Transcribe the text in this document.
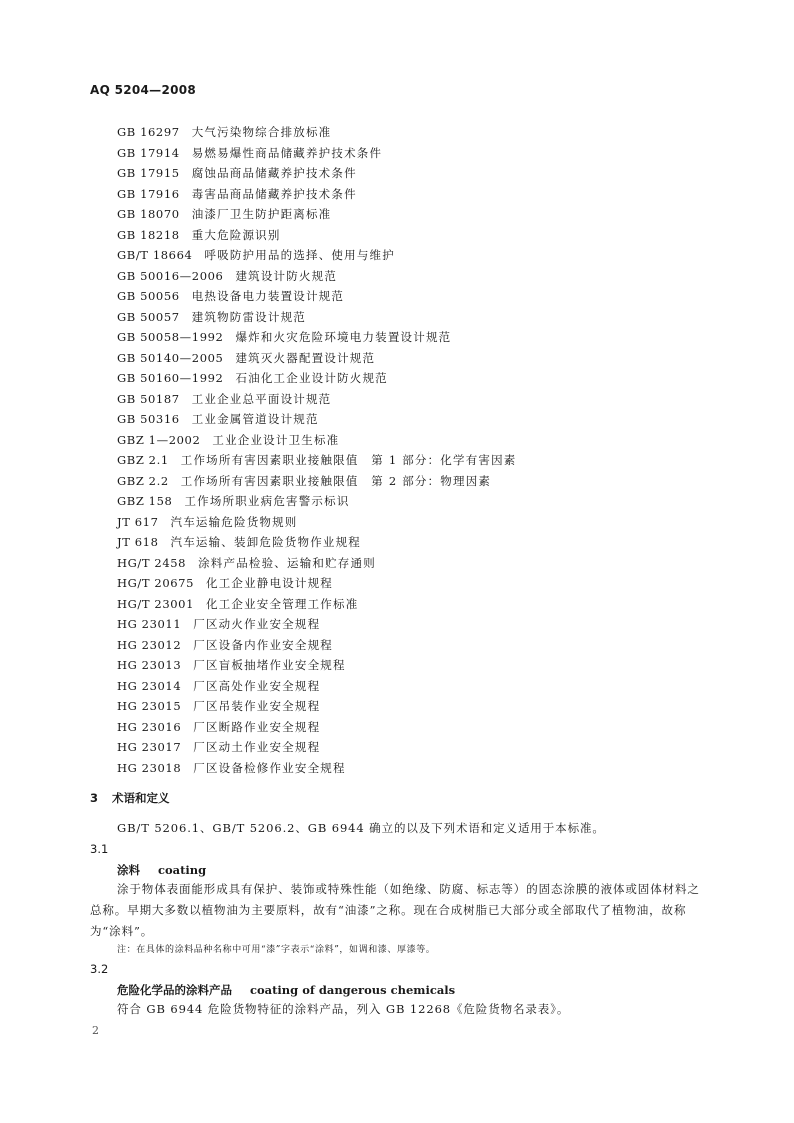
AQ 5204—2008
GB 16297 大气污染物综合排放标准
GB 17914 易燃易爆性商品储藏养护技术条件
GB 17915 腐蚀品商品储藏养护技术条件
GB 17916 毒害品商品储藏养护技术条件
GB 18070 油漆厂卫生防护距离标准
GB 18218 重大危险源识别
GB/T 18664 呼吸防护用品的选择、使用与维护
GB 50016—2006 建筑设计防火规范
GB 50056 电热设备电力装置设计规范
GB 50057 建筑物防雷设计规范
GB 50058—1992 爆炸和火灾危险环境电力装置设计规范
GB 50140—2005 建筑灭火器配置设计规范
GB 50160—1992 石油化工企业设计防火规范
GB 50187 工业企业总平面设计规范
GB 50316 工业金属管道设计规范
GBZ 1—2002 工业企业设计卫生标准
GBZ 2.1 工作场所有害因素职业接触限值　第 1 部分：化学有害因素
GBZ 2.2 工作场所有害因素职业接触限值　第 2 部分：物理因素
GBZ 158 工作场所职业病危害警示标识
JT 617 汽车运输危险货物规则
JT 618 汽车运输、装卸危险货物作业规程
HG/T 2458 涂料产品检验、运输和贮存通则
HG/T 20675 化工企业静电设计规程
HG/T 23001 化工企业安全管理工作标准
HG 23011 厂区动火作业安全规程
HG 23012 厂区设备内作业安全规程
HG 23013 厂区盲板抽堵作业安全规程
HG 23014 厂区高处作业安全规程
HG 23015 厂区吊装作业安全规程
HG 23016 厂区断路作业安全规程
HG 23017 厂区动土作业安全规程
HG 23018 厂区设备检修作业安全规程
3 术语和定义

GB/T 5206.1、GB/T 5206.2、GB 6944 确立的以及下列术语和定义适用于本标准。

3.1
涂料 coating

涂于物体表面能形成具有保护、装饰或特殊性能（如绝缘、防腐、标志等）的固态涂膜的液体或固体材料之总称。早期大多数以植物油为主要原料，故有“油漆”之称。现在合成树脂已大部分或全部取代了植物油，故称为“涂料”。

注：在具体的涂料品种名称中可用“漆”字表示“涂料”，如调和漆、厚漆等。
3.2
危险化学品的涂料产品 coating of dangerous chemicals

符合 GB 6944 危险货物特征的涂料产品，列入 GB 12268《危险货物名录表》。

2
